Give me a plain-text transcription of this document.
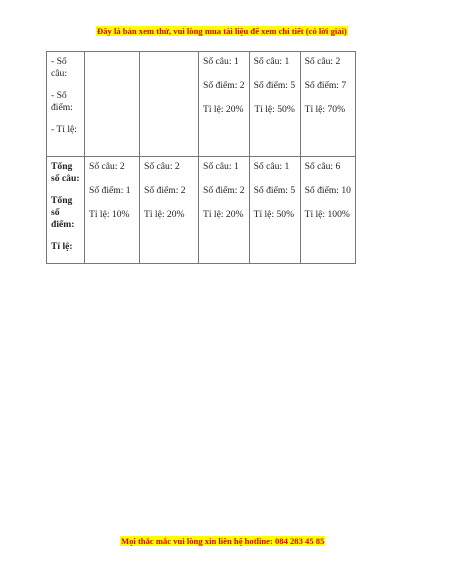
Đây là bản xem thử, vui lòng mua tài liệu để xem chi tiết (có lời giải)
- Số câu:
- Số điểm:
- Tỉ lệ:			Số câu: 1
Số điểm: 2
Tỉ lệ: 20%	Số câu: 1
Số điểm: 5
Tỉ lệ: 50%	Số câu: 2
Số điểm: 7
Tỉ lệ: 70%

Tổng số câu:
Tổng số điểm:
Tỉ lệ:	Số câu: 2
Số điểm: 1
Tỉ lệ: 10%	Số câu: 2
Số điểm: 2
Tỉ lệ: 20%	Số câu: 1
Số điểm: 2
Tỉ lệ: 20%	Số câu: 1
Số điểm: 5
Tỉ lệ: 50%	Số câu: 6
Số điểm: 10
Tỉ lệ: 100%
Mọi thắc mắc vui lòng xin liên hệ hotline: 084 283 45 85
